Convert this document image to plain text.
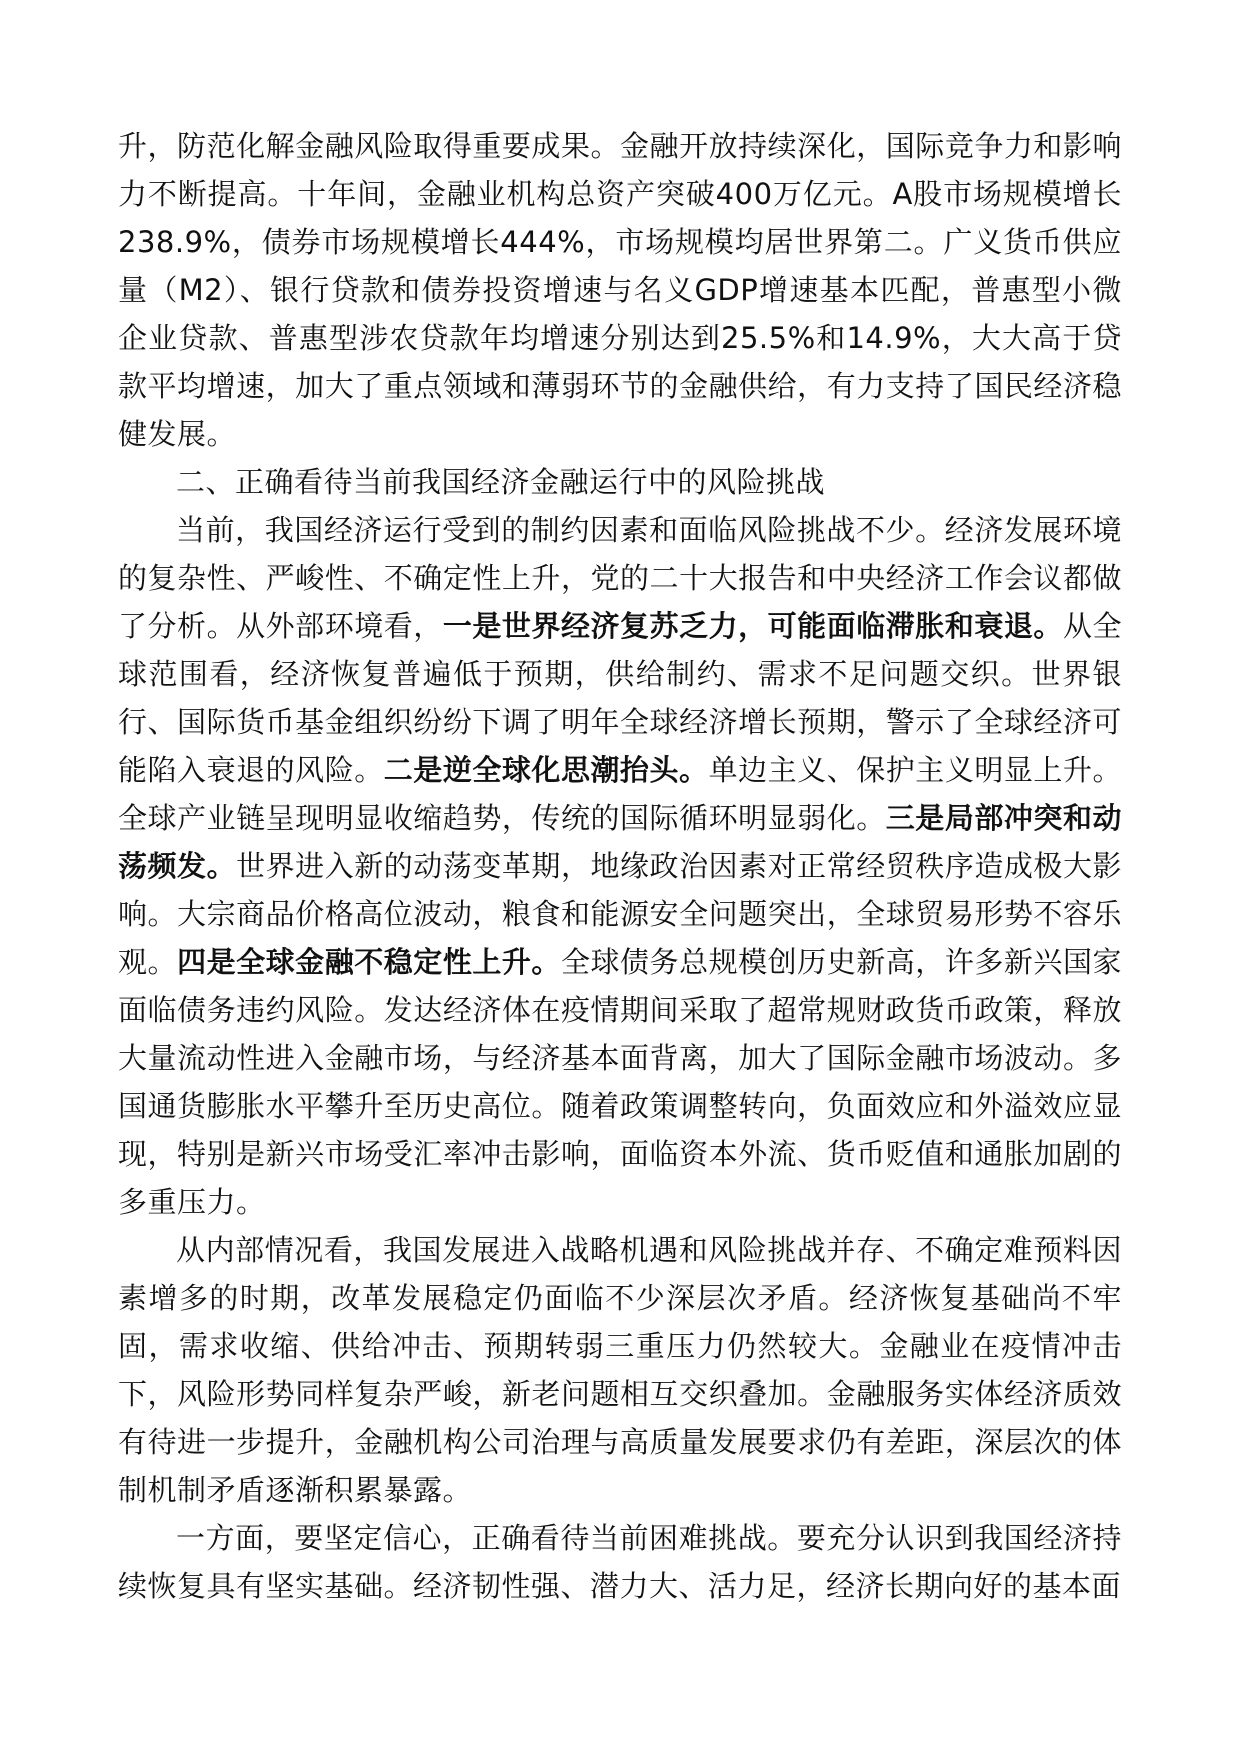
升，防范化解金融风险取得重要成果。金融开放持续深化，国际竞争力和影响力不断提高。十年间，金融业机构总资产突破400万亿元。A股市场规模增长238.9%，债券市场规模增长444%，市场规模均居世界第二。广义货币供应量（M2）、银行贷款和债券投资增速与名义GDP增速基本匹配，普惠型小微企业贷款、普惠型涉农贷款年均增速分别达到25.5%和14.9%，大大高于贷款平均增速，加大了重点领域和薄弱环节的金融供给，有力支持了国民经济稳健发展。

二、正确看待当前我国经济金融运行中的风险挑战

当前，我国经济运行受到的制约因素和面临风险挑战不少。经济发展环境的复杂性、严峻性、不确定性上升，党的二十大报告和中央经济工作会议都做了分析。从外部环境看，一是世界经济复苏乏力，可能面临滞胀和衰退。从全球范围看，经济恢复普遍低于预期，供给制约、需求不足问题交织。世界银行、国际货币基金组织纷纷下调了明年全球经济增长预期，警示了全球经济可能陷入衰退的风险。二是逆全球化思潮抬头。单边主义、保护主义明显上升。全球产业链呈现明显收缩趋势，传统的国际循环明显弱化。三是局部冲突和动荡频发。世界进入新的动荡变革期，地缘政治因素对正常经贸秩序造成极大影响。大宗商品价格高位波动，粮食和能源安全问题突出，全球贸易形势不容乐观。四是全球金融不稳定性上升。全球债务总规模创历史新高，许多新兴国家面临债务违约风险。发达经济体在疫情期间采取了超常规财政货币政策，释放大量流动性进入金融市场，与经济基本面背离，加大了国际金融市场波动。多国通货膨胀水平攀升至历史高位。随着政策调整转向，负面效应和外溢效应显现，特别是新兴市场受汇率冲击影响，面临资本外流、货币贬值和通胀加剧的多重压力。

从内部情况看，我国发展进入战略机遇和风险挑战并存、不确定难预料因素增多的时期，改革发展稳定仍面临不少深层次矛盾。经济恢复基础尚不牢固，需求收缩、供给冲击、预期转弱三重压力仍然较大。金融业在疫情冲击下，风险形势同样复杂严峻，新老问题相互交织叠加。金融服务实体经济质效有待进一步提升，金融机构公司治理与高质量发展要求仍有差距，深层次的体制机制矛盾逐渐积累暴露。

一方面，要坚定信心，正确看待当前困难挑战。要充分认识到我国经济持续恢复具有坚实基础。经济韧性强、潜力大、活力足，经济长期向好的基本面
